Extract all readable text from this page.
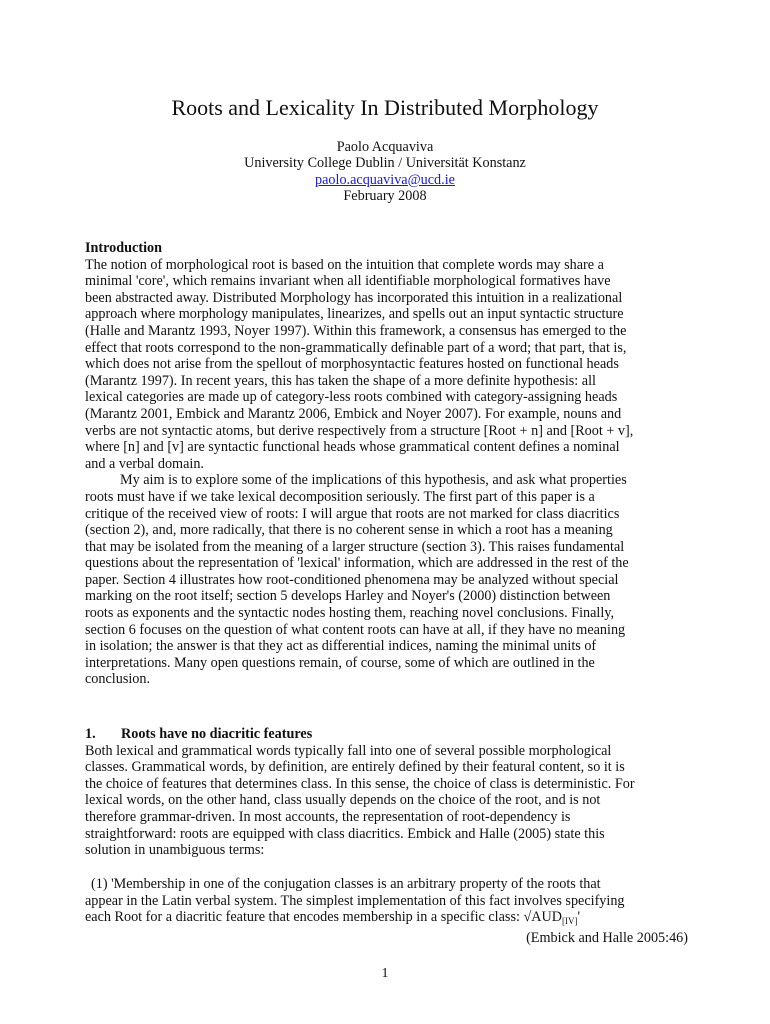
Roots and Lexicality In Distributed Morphology
Paolo Acquaviva
University College Dublin / Universität Konstanz
paolo.acquaviva@ucd.ie
February 2008
Introduction
The notion of morphological root is based on the intuition that complete words may share a
minimal 'core', which remains invariant when all identifiable morphological formatives have
been abstracted away. Distributed Morphology has incorporated this intuition in a realizational
approach where morphology manipulates, linearizes, and spells out an input syntactic structure
(Halle and Marantz 1993, Noyer 1997). Within this framework, a consensus has emerged to the
effect that roots correspond to the non-grammatically definable part of a word; that part, that is,
which does not arise from the spellout of morphosyntactic features hosted on functional heads
(Marantz 1997). In recent years, this has taken the shape of a more definite hypothesis: all
lexical categories are made up of category-less roots combined with category-assigning heads
(Marantz 2001, Embick and Marantz 2006, Embick and Noyer 2007). For example, nouns and
verbs are not syntactic atoms, but derive respectively from a structure [Root + n] and [Root + v],
where [n] and [v] are syntactic functional heads whose grammatical content defines a nominal
and a verbal domain.
My aim is to explore some of the implications of this hypothesis, and ask what properties
roots must have if we take lexical decomposition seriously. The first part of this paper is a
critique of the received view of roots: I will argue that roots are not marked for class diacritics
(section 2), and, more radically, that there is no coherent sense in which a root has a meaning
that may be isolated from the meaning of a larger structure (section 3). This raises fundamental
questions about the representation of 'lexical' information, which are addressed in the rest of the
paper. Section 4 illustrates how root-conditioned phenomena may be analyzed without special
marking on the root itself; section 5 develops Harley and Noyer's (2000) distinction between
roots as exponents and the syntactic nodes hosting them, reaching novel conclusions. Finally,
section 6 focuses on the question of what content roots can have at all, if they have no meaning
in isolation; the answer is that they act as differential indices, naming the minimal units of
interpretations. Many open questions remain, of course, some of which are outlined in the
conclusion.
1. Roots have no diacritic features
Both lexical and grammatical words typically fall into one of several possible morphological
classes. Grammatical words, by definition, are entirely defined by their featural content, so it is
the choice of features that determines class. In this sense, the choice of class is deterministic. For
lexical words, on the other hand, class usually depends on the choice of the root, and is not
therefore grammar-driven. In most accounts, the representation of root-dependency is
straightforward: roots are equipped with class diacritics. Embick and Halle (2005) state this
solution in unambiguous terms:
(1) 'Membership in one of the conjugation classes is an arbitrary property of the roots that
appear in the Latin verbal system. The simplest implementation of this fact involves specifying
each Root for a diacritic feature that encodes membership in a specific class: $√AUD_{[IV]}'$
(Embick and Halle 2005:46)
1
